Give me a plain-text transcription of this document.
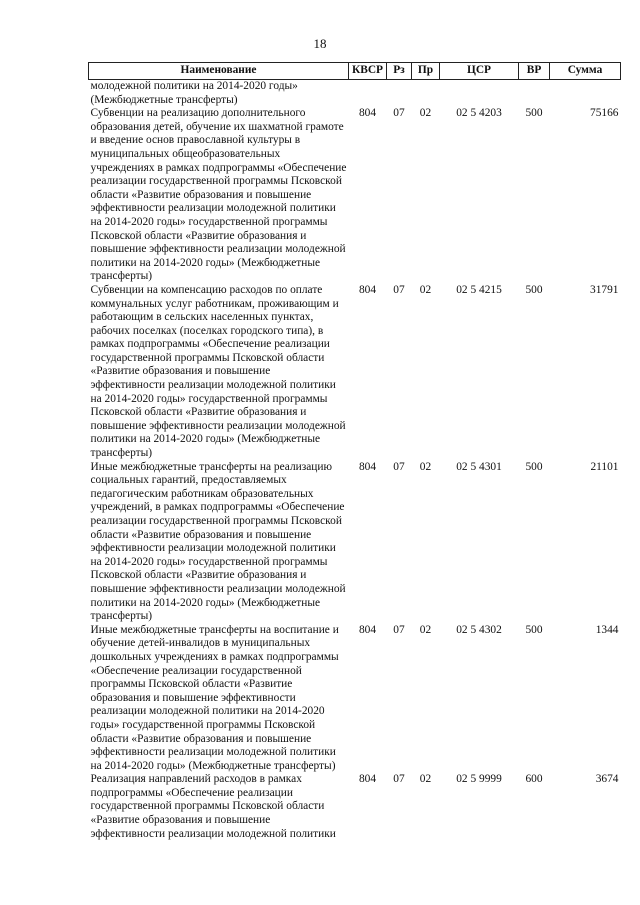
18
Наименование	КВСР	Рз	Пр	ЦСР	ВР	Сумма
молодежной политики на 2014-2020 годы» (Межбюджетные трансферты)						
Субвенции на реализацию дополнительного образования детей, обучение их шахматной грамоте и введение основ православной культуры в муниципальных общеобразовательных учреждениях в рамках подпрограммы «Обеспечение реализации государственной программы Псковской области «Развитие образования и повышение эффективности реализации молодежной политики на 2014-2020 годы» государственной программы Псковской области «Развитие образования и повышение эффективности реализации молодежной политики на 2014-2020 годы» (Межбюджетные трансферты)	804	07	02	02 5 4203	500	75166
Субвенции на компенсацию расходов по оплате коммунальных услуг работникам, проживающим и работающим в сельских населенных пунктах, рабочих поселках (поселках городского типа), в рамках подпрограммы «Обеспечение реализации государственной программы Псковской области «Развитие образования и повышение эффективности реализации молодежной политики на 2014-2020 годы» государственной программы Псковской области «Развитие образования и повышение эффективности реализации молодежной политики на 2014-2020 годы» (Межбюджетные трансферты)	804	07	02	02 5 4215	500	31791
Иные межбюджетные трансферты на реализацию социальных гарантий, предоставляемых педагогическим работникам образовательных учреждений, в рамках подпрограммы «Обеспечение реализации государственной программы Псковской области «Развитие образования и повышение эффективности реализации молодежной политики на 2014-2020 годы» государственной программы Псковской области «Развитие образования и повышение эффективности реализации молодежной политики на 2014-2020 годы» (Межбюджетные трансферты)	804	07	02	02 5 4301	500	21101
Иные межбюджетные трансферты на воспитание и обучение детей-инвалидов в муниципальных дошкольных учреждениях в рамках подпрограммы «Обеспечение реализации государственной программы Псковской области «Развитие образования и повышение эффективности реализации молодежной политики на 2014-2020 годы» государственной программы Псковской области «Развитие образования и повышение эффективности реализации молодежной политики на 2014-2020 годы» (Межбюджетные трансферты)	804	07	02	02 5 4302	500	1344
Реализация направлений расходов в рамках подпрограммы «Обеспечение реализации государственной программы Псковской области «Развитие образования и повышение эффективности реализации молодежной политики	804	07	02	02 5 9999	600	3674
